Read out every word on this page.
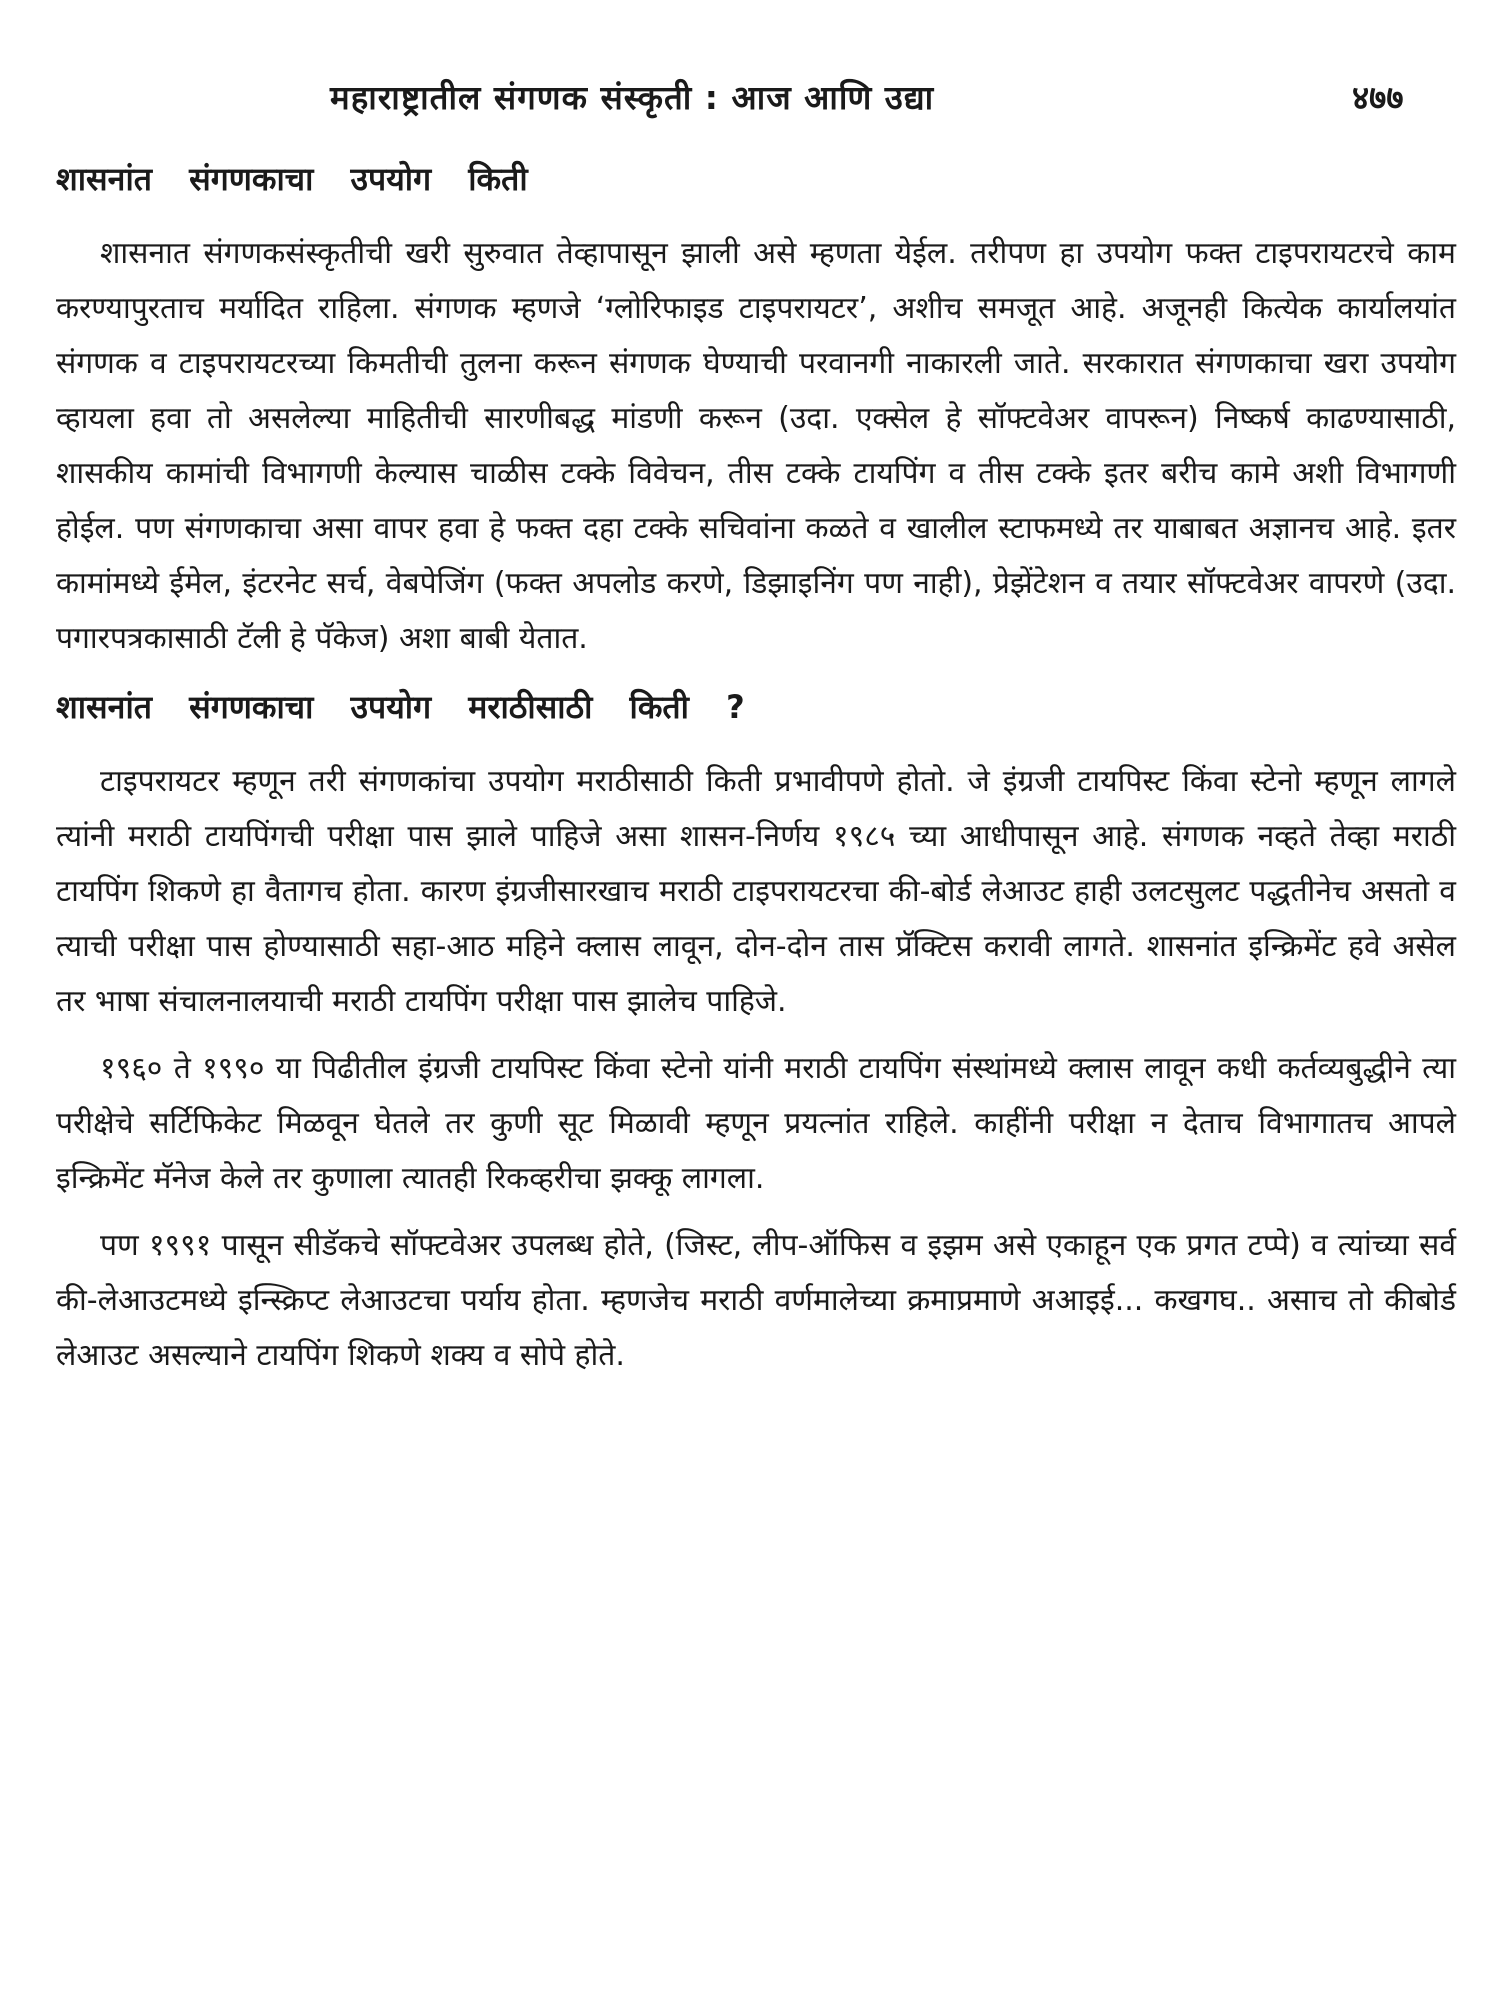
महाराष्ट्रातील संगणक संस्कृती : आज आणि उद्या	४७७
शासनांत संगणकाचा उपयोग किती

शासनात संगणकसंस्कृतीची खरी सुरुवात तेव्हापासून झाली असे म्हणता येईल. तरीपण हा उपयोग फक्त टाइपरायटरचे काम करण्यापुरताच मर्यादित राहिला. संगणक म्हणजे ‘ग्लोरिफाइड टाइपरायटर’, अशीच समजूत आहे. अजूनही कित्येक कार्यालयांत संगणक व टाइपरायटरच्या किमतीची तुलना करून संगणक घेण्याची परवानगी नाकारली जाते. सरकारात संगणकाचा खरा उपयोग व्हायला हवा तो असलेल्या माहितीची सारणीबद्ध मांडणी करून (उदा. एक्सेल हे सॉफ्टवेअर वापरून) निष्कर्ष काढण्यासाठी, शासकीय कामांची विभागणी केल्यास चाळीस टक्के विवेचन, तीस टक्के टायपिंग व तीस टक्के इतर बरीच कामे अशी विभागणी होईल. पण संगणकाचा असा वापर हवा हे फक्त दहा टक्के सचिवांना कळते व खालील स्टाफमध्ये तर याबाबत अज्ञानच आहे. इतर कामांमध्ये ईमेल, इंटरनेट सर्च, वेबपेजिंग (फक्त अपलोड करणे, डिझाइनिंग पण नाही), प्रेझेंटेशन व तयार सॉफ्टवेअर वापरणे (उदा. पगारपत्रकासाठी टॅली हे पॅकेज) अशा बाबी येतात.

शासनांत संगणकाचा उपयोग मराठीसाठी किती ?

टाइपरायटर म्हणून तरी संगणकांचा उपयोग मराठीसाठी किती प्रभावीपणे होतो. जे इंग्रजी टायपिस्ट किंवा स्टेनो म्हणून लागले त्यांनी मराठी टायपिंगची परीक्षा पास झाले पाहिजे असा शासन-निर्णय १९८५ च्या आधीपासून आहे. संगणक नव्हते तेव्हा मराठी टायपिंग शिकणे हा वैतागच होता. कारण इंग्रजीसारखाच मराठी टाइपरायटरचा की-बोर्ड लेआउट हाही उलटसुलट पद्धतीनेच असतो व त्याची परीक्षा पास होण्यासाठी सहा-आठ महिने क्लास लावून, दोन-दोन तास प्रॅक्टिस करावी लागते. शासनांत इन्क्रिमेंट हवे असेल तर भाषा संचालनालयाची मराठी टायपिंग परीक्षा पास झालेच पाहिजे.

१९६० ते १९९० या पिढीतील इंग्रजी टायपिस्ट किंवा स्टेनो यांनी मराठी टायपिंग संस्थांमध्ये क्लास लावून कधी कर्तव्यबुद्धीने त्या परीक्षेचे सर्टिफिकेट मिळवून घेतले तर कुणी सूट मिळावी म्हणून प्रयत्नांत राहिले. काहींनी परीक्षा न देताच विभागातच आपले इन्क्रिमेंट मॅनेज केले तर कुणाला त्यातही रिकव्हरीचा झक्कू लागला.

पण १९९१ पासून सीडॅकचे सॉफ्टवेअर उपलब्ध होते, (जिस्ट, लीप-ऑफिस व इझम असे एकाहून एक प्रगत टप्पे) व त्यांच्या सर्व की-लेआउटमध्ये इन्स्क्रिप्ट लेआउटचा पर्याय होता. म्हणजेच मराठी वर्णमालेच्या क्रमाप्रमाणे अआइई... कखगघ.. असाच तो कीबोर्ड लेआउट असल्याने टायपिंग शिकणे शक्य व सोपे होते.
